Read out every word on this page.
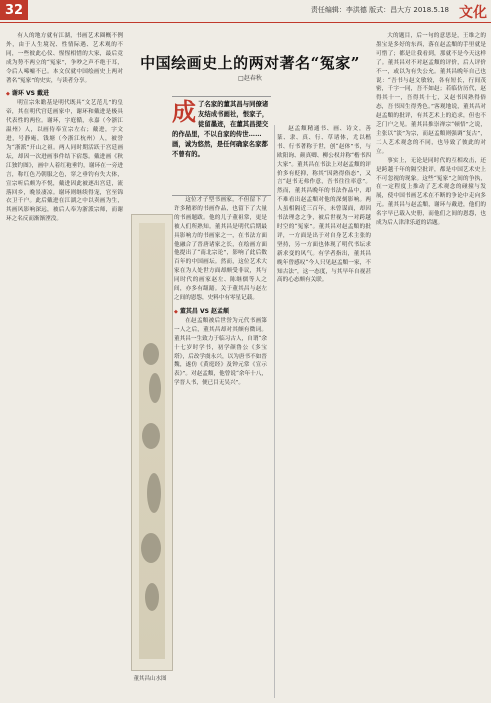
32	责任编辑：李洪德 版式：昌大方 2018.5.18 文化

有人的地方就有江湖，书画艺术圈概不例外，由于人生境况、性情际遇、艺术观的不同，一些彼此心仪、惺惺相惜的大家，最后竟成为势不两立的“冤家”，争吵之声不绝于耳，令后人唏嘘不已。本文仅就中国绘画史上两对著名“冤家”的史实，与读者分享。

◆ 谢环 VS 戴进

明宣宗朱瞻基是明代既具“文艺范儿”的皇帝，其在明代宫廷画家中，谢环和戴进是极具代表性的两位。谢环，字庭循，永嘉（今浙江温州）人，以画侍奉宣宗左右；戴进，字文进，号静庵，钱塘（今浙江杭州）人，被誉为“浙派”开山之祖。两人同时期活跃于宫廷画坛，却因一次进画事件结下宿怨。戴进画《秋江独钓图》，画中人着红袍垂钓，谢环在一旁进言，称红色乃朝服之色，穿之垂钓有失大体，宣宗听后颇为不悦，戴进因此被逐出宫廷，流落回乡，晚景凄凉。谢环则继续得宠，官至锦衣卫千户。此后戴进在江湖之中以卖画为生，其画风影响深远，被后人奉为浙派宗师，而谢环之名反而渐渐湮没。

中国绘画史上的两对著名“冤家”
□赵春秋
成 了名家的董其昌与同僚诸友结成书画社，恨家子，徒留墨迹，在董其昌提交的作品里，不以自家的传世……画，诚为悠然，是任何确家名家都不曾有的。
董其昌山水图

这位才子型书画家，不但留下了许多精彩的书画作品，也留下了大量的书画题跋。他的儿子董祖常，更是被人们所熟知。董其昌是明代后期最具影响力的书画家之一，在书法方面他融合了晋唐诸家之长，在绘画方面他提出了“南北宗论”，影响了此后数百年的中国画坛。然而，这位艺术大家在为人处世方面却颇受非议，其与同时代的画家赵左、陈继儒等人之间，亦多有龃龉。关于董其昌与赵左之间的恩怨，史料中有零星记载。

◆ 董其昌 VS 赵孟頫

在赵孟頫被后世誉为元代书画第一人之后，董其昌却对其颇有微词。董其昌一生致力于临习古人，自谓“余十七岁时学书，初学颜鲁公《多宝塔》，后改学虞永兴，以为唐书不如晋魏，遂仿《黄庭经》及钟元常《宣示表》”。对赵孟頫，他曾说“余年十八，学晋人书，便已目无吴兴”。

赵孟頫精通书、画、诗文，善篆、隶、真、行、草诸体，尤以楷书、行书著称于世，创“赵体”书，与欧阳询、颜真卿、柳公权并称“楷书四大家”。董其昌在书法上对赵孟頫的评价多有贬抑，称其“因熟得俗态”，又言“赵书无弗作意，吾书往往率意”。然而，董其昌晚年的书法作品中，却不难看出赵孟頫对他的深刻影响。两人虽相隔近三百年，未曾谋面，却因书法理念之争，被后世视为一对跨越时空的“冤家”。董其昌对赵孟頫的批评，一方面是出于对自身艺术主张的坚持，另一方面也体现了明代书坛求新求变的风气。有学者指出，董其昌晚年曾感叹“今人只见赵孟頫一家，不知古法”，这一态度，与其早年自视甚高的心态颇有关联。

大的题目，后一句的意思是，王维之的墨宝是多好的东西，落在赵孟頫的手里就是可惜了；都是让我看到，那就不是今天这样了。董其昌对不对赵孟頫的评价，后人评价不一，或以为有失公允。董其昌晚年自己也说：“吾书与赵文敏较，各有短长，行间茂密，千字一同，吾不如赵；若临仿历代，赵得其十一，吾得其十七，又赵书因熟得俗态，吾书因生得秀色。”客观地说，董其昌对赵孟頫的批评，有其艺术上的追求，但也不乏门户之见。董其昌推崇禅宗“顿悟”之说，主张以“淡”为宗，而赵孟頫则强调“复古”，二人艺术观念的不同，也导致了彼此的对立。

事实上，无论是同时代的互相攻击，还是跨越千年的隔空批评，都是中国艺术史上不可忽视的现象。这些“冤家”之间的争执，在一定程度上推动了艺术观念的碰撞与发展，使中国书画艺术在不断的争论中走向多元。董其昌与赵孟頫，谢环与戴进，他们的名字早已载入史册，而他们之间的恩怨，也成为后人津津乐道的话题。
